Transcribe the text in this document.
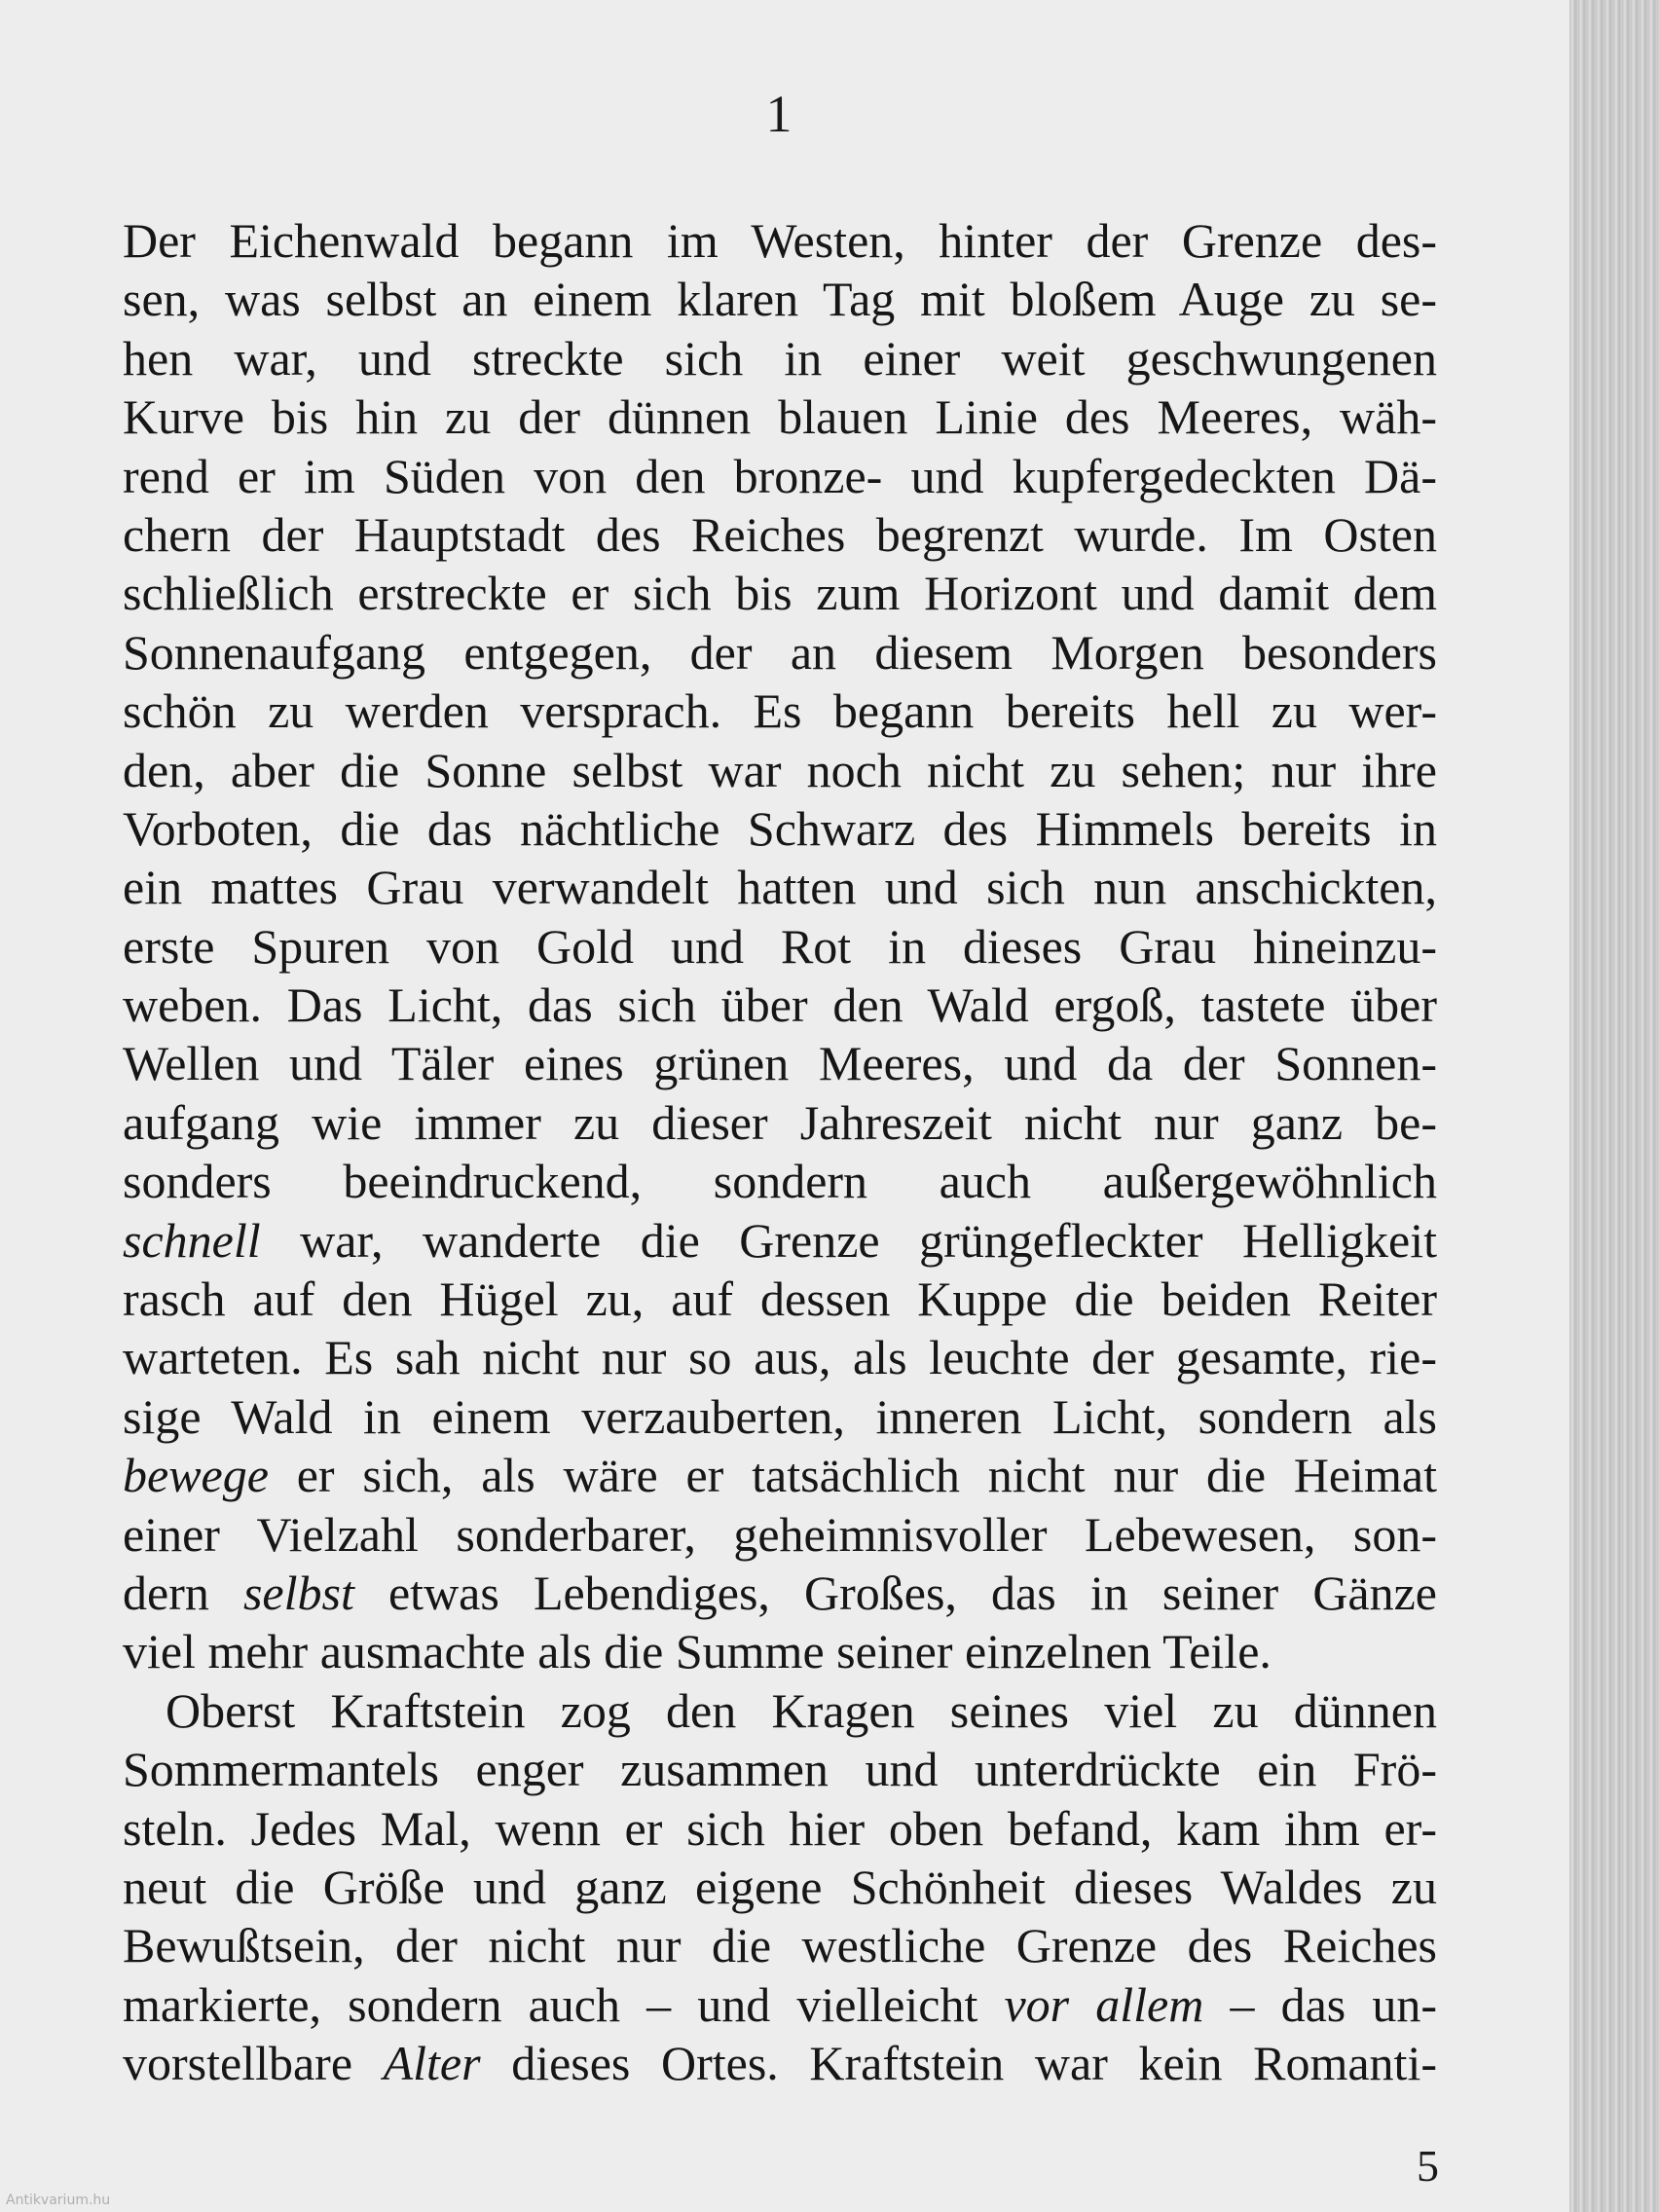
1
Der Eichenwald begann im Westen, hinter der Grenze des-
sen, was selbst an einem klaren Tag mit bloßem Auge zu se-
hen war, und streckte sich in einer weit geschwungenen
Kurve bis hin zu der dünnen blauen Linie des Meeres, wäh-
rend er im Süden von den bronze- und kupfergedeckten Dä-
chern der Hauptstadt des Reiches begrenzt wurde. Im Osten
schließlich erstreckte er sich bis zum Horizont und damit dem
Sonnenaufgang entgegen, der an diesem Morgen besonders
schön zu werden versprach. Es begann bereits hell zu wer-
den, aber die Sonne selbst war noch nicht zu sehen; nur ihre
Vorboten, die das nächtliche Schwarz des Himmels bereits in
ein mattes Grau verwandelt hatten und sich nun anschickten,
erste Spuren von Gold und Rot in dieses Grau hineinzu-
weben. Das Licht, das sich über den Wald ergoß, tastete über
Wellen und Täler eines grünen Meeres, und da der Sonnen-
aufgang wie immer zu dieser Jahreszeit nicht nur ganz be-
sonders beeindruckend, sondern auch außergewöhnlich
schnell war, wanderte die Grenze grüngefleckter Helligkeit
rasch auf den Hügel zu, auf dessen Kuppe die beiden Reiter
warteten. Es sah nicht nur so aus, als leuchte der gesamte, rie-
sige Wald in einem verzauberten, inneren Licht, sondern als
bewege er sich, als wäre er tatsächlich nicht nur die Heimat
einer Vielzahl sonderbarer, geheimnisvoller Lebewesen, son-
dern selbst etwas Lebendiges, Großes, das in seiner Gänze
viel mehr ausmachte als die Summe seiner einzelnen Teile.
Oberst Kraftstein zog den Kragen seines viel zu dünnen
Sommermantels enger zusammen und unterdrückte ein Frö-
steln. Jedes Mal, wenn er sich hier oben befand, kam ihm er-
neut die Größe und ganz eigene Schönheit dieses Waldes zu
Bewußtsein, der nicht nur die westliche Grenze des Reiches
markierte, sondern auch – und vielleicht vor allem – das un-
vorstellbare Alter dieses Ortes. Kraftstein war kein Romanti-
5
Antikvarium.hu
